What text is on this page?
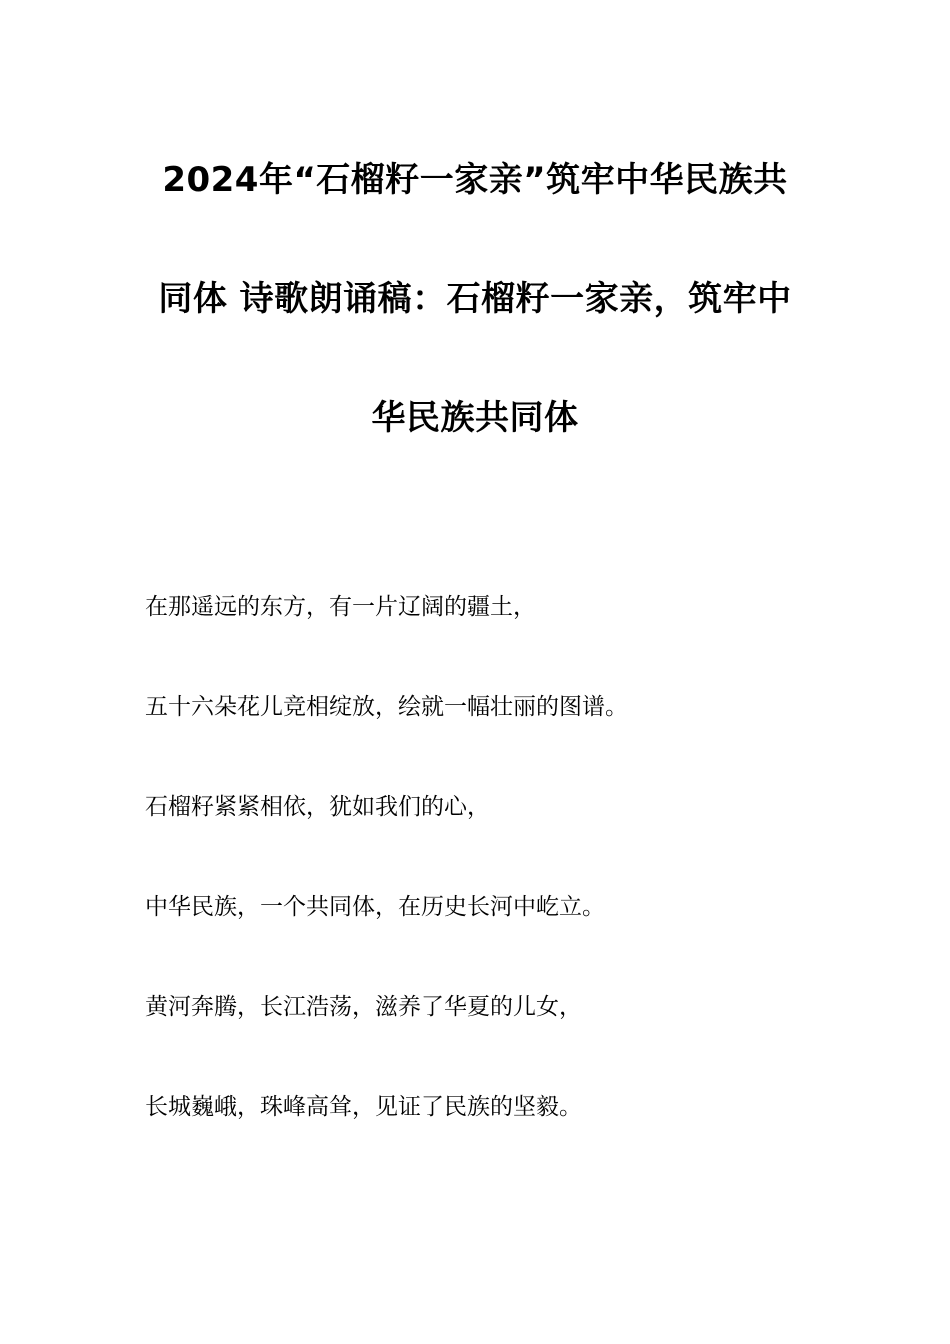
2024年“石榴籽一家亲”筑牢中华民族共
同体 诗歌朗诵稿：石榴籽一家亲，筑牢中
华民族共同体
在那遥远的东方，有一片辽阔的疆土，
五十六朵花儿竞相绽放，绘就一幅壮丽的图谱。
石榴籽紧紧相依，犹如我们的心，
中华民族，一个共同体，在历史长河中屹立。
黄河奔腾，长江浩荡，滋养了华夏的儿女，
长城巍峨，珠峰高耸，见证了民族的坚毅。
